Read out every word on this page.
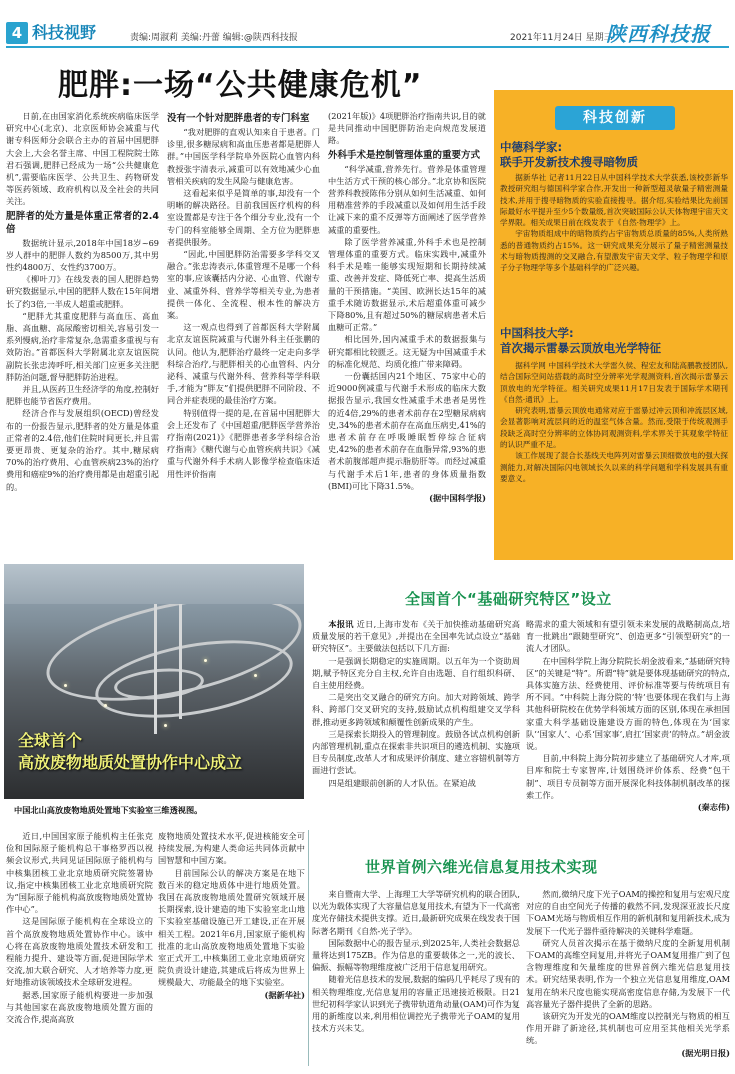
4 科技视野	责编:周淑莉 美编:丹蕾 编辑:@陕西科技报	2021年11月24日 星期三
陕西科技报
肥胖:一场“公共健康危机”

日前,在由国家消化系统疾病临床医学研究中心(北京)、北京医师协会减重与代谢专科医师分会联合主办的首届中国肥胖大会上,大会名誉主席、中国工程院院士陈君石强调,肥胖已经成为一场“公共健康危机”,需要临床医学、公共卫生、药物研发等医药领域、政府机构以及全社会的共同关注。

肥胖者的处方量是体重正常者的2.4倍

数据统计显示,2018年中国18岁~69岁人群中的肥胖人数约为8500万,其中男性约4800万、女性约3700万。

《柳叶刀》在线发表的国人肥胖趋势研究数据显示,中国的肥胖人数在15年间增长了约3倍,一半成人超重或肥胖。

“肥胖尤其重度肥胖与高血压、高血脂、高血糖、高尿酸密切相关,容易引发一系列慢病,治疗非常复杂,急需重多重视与有效防治。”首都医科大学附属北京友谊医院副院长张忠涛呼吁,相关部门应更多关注肥胖防治问题,督导肥胖防治进程。

并且,从医药卫生经济学的角度,控制好肥胖也能节省医疗费用。

经济合作与发展组织(OECD)曾经发布的一份报告显示,肥胖者的处方量是体重正常者的2.4倍,他们住院时间更长,并且需要更昂贵、更复杂的治疗。其中,糖尿病70%的治疗费用、心血管疾病23%的治疗费用和癌症9%的治疗费用都是由超重引起的。

没有一个针对肥胖患者的专门科室

“我对肥胖的直观认知来自于患者。门诊里,很多糖尿病和高血压患者都是肥胖人群。”中国医学科学院阜外医院心血管内科教授张宇清表示,减重可以有效地减少心血管相关疾病的发生风险与健康危害。

这看起来似乎是简单的事,却没有一个明晰的解决路径。目前我国医疗机构的科室设置都是专注于各个细分专业,没有一个专门的科室能够全周期、全方位为肥胖患者提供服务。

“因此,中国肥胖防治需要多学科交叉融合。”张忠涛表示,体重管理不是哪一个科室的事,应该囊括内分泌、心血管、代谢专业、减重外科、营养学等相关专业,为患者提供一体化、全流程、根本性的解决方案。

这一观点也得到了首都医科大学附属北京友谊医院减重与代谢外科主任张鹏的认同。他认为,肥胖治疗最终一定走向多学科综合治疗,与肥胖相关的心血管科、内分泌科、减重与代谢外科、营养科等学科联手,才能为“胖友”们提供肥胖不同阶段、不同合并症表现的最佳治疗方案。

特别值得一提的是,在首届中国肥胖大会上还发布了《中国超重/肥胖医学营养治疗指南(2021)》《肥胖患者多学科综合治疗指南》《糖代谢与心血管疾病共识》《减重与代谢外科手术病人影像学检查临床适用性评价指南

(2021年版)》4项肥胖治疗指南共识,目的就是共同推动中国肥胖防治走向规范发展道路。

外科手术是控制管理体重的重要方式

“科学减重,营养先行。营养是体重管理中生活方式干预的核心部分。”北京协和医院营养科教授陈伟分别从如何生活减重、如何用精准营养的手段减重以及如何用生活手段让减下来的重不反弹等方面阐述了医学营养减重的重要性。

除了医学营养减重,外科手术也是控制管理体重的重要方式。临床实践中,减重外科手术是唯一能够实现短期和长期持续减重、改善并发症、降低死亡率、提高生活质量的干预措施。“美国、欧洲长达15年的减重手术随访数据显示,术后超重体重可减少下降80%,且有超过50%的糖尿病患者术后血糖可正常。”

相比国外,国内减重手术的数据报集与研究都相比较匮乏。这无疑为中国减重手术的标准化规范、均质化推广带来障碍。

一份囊括国内21个地区、75家中心的近9000例减重与代谢手术形成的临床大数据报告显示,我国女性减重手术患者是男性的近4倍,29%的患者术前存在2型糖尿病病史,34%的患者术前存在高血压病史,41%的患者术前存在呼吸睡眠暂停综合征病史,42%的患者术前存在血脂异常,93%的患者术前腹部超声提示脂肪肝等。而经过减重与代谢手术后1年,患者的身体质量指数(BMI)可比下降31.5%。

(据中国科学报)

科技创新
中德科学家:
联手开发新技术搜寻暗物质

据新华社 记者11月22日从中国科学技术大学获悉,该校彭新华教授研究组与德国科学家合作,开发出一种新型超灵敏量子精密测量技术,并用于搜寻暗物质的实验直接搜寻。据介绍,实验结果比先前国际最好水平提升至少5个数量级,首次突破国际公认天体物理宇宙天文学界限。相关成果日前在线发表于《自然·物理学》上。

宇宙物质组成中的暗物质约占宇宙物质总质量的85%,人类所熟悉的普通物质约占15%。这一研究成果充分展示了量子精密测量技术与暗物质搜测的交叉融合,有望激发宇宙天文学、粒子物理学和原子分子物理学等多个基础科学的广泛兴趣。

中国科技大学:
首次揭示雷暴云顶放电光学特征

据科学网 中国科学技术大学雷久侯、程宏友和陆高鹏教授团队,结合国际空间站搭载的高时空分辨率光学观测资料,首次揭示雷暴云顶放电的光学特征。相关研究成果11月17日发表于国际学术期刊《自然·通讯》上。

研究表明,雷暴云顶放电通常对应于雷暴过冲云顶和冲流层区域,会显著影响对流层间的近的温室气体含量。然而,受限于传统观测手段缺乏高时空分辨率的立体协同观测资料,学术界关于其观象学特征的认识严重不足。

该工作展现了混合长基线天电阵列对雷暴云顶细微放电的强大探测能力,对解决国际闪电领域长久以来的科学问题和学科发展具有重要意义。

全球首个
高放废物地质处置协作中心成立
中国北山高放废物地质处置地下实验室三维透视图。
全国首个“基础研究特区”设立

本报讯 近日,上海市发布《关于加快推动基础研究高质量发展的若干意见》,并提出在全国率先试点设立“基础研究特区”。主要做法包括以下几方面:

一是强调长期稳定的实施周期。以五年为一个资助周期,赋予特区充分自主权,允许自由选题、自行组织科研、自主使用经费。

二是突出交叉融合的研究方向。加大对跨领域、跨学科、跨部门交叉研究的支持,鼓励试点机构组建交叉学科群,推动更多跨领域和颠覆性创新成果的产生。

三是探索长期投入的管理制度。鼓励各试点机构创新内部管理机制,重点在探索非共识项目的遴选机制、实施项目专员制度,改革人才和成果评价制度、建立容错机制等方面进行尝试。

四是组建眼前创新的人才队伍。在紧迫战

略需求的重大领域和有望引领未来发展的战略制高点,培育一批跳出“跟随型研究”、创造更多“引领型研究”的一流人才团队。

在中国科学院上海分院院长胡金波看来,“基础研究特区”的关键是“特”。所谓“特”就是要体现基础研究的特点,具体实施方法、经费使用、评价标准等要与传统项目有所不同。“中科院上海分院的‘特’也要体现在我们与上海其他科研院校在优势学科领域方面的区别,体现在承担国家重大科学基础设施建设方面的特色,体现在为‘国家队’‘国家人’、心系‘国家事’,肩扛‘国家责’的特点。”胡金波说。

目前,中科院上海分院初步建立了基础研究人才库,项目库和院士专家智库,计划围绕评价体系、经费“包干制”、项目专员制等方面开展深化科技体制机制改革的探索工作。

(秦志伟)

近日,中国国家原子能机构主任张克俭和国际原子能机构总干事格罗西以视频会议形式,共同见证国际原子能机构与中核集团核工业北京地质研究院签署协议,指定中核集团核工业北京地质研究院为“国际原子能机构高放废物地质处置协作中心”。

这是国际原子能机构在全球设立的首个高放废物地质处置协作中心。该中心将在高放废物地质处置技术研发和工程能力提升、建设等方面,促进国际学术交流,加大联合研究、人才培养等力度,更好地推动该领域技术全球研发进程。

据悉,国家原子能机构要进一步加强与其他国家在高放废物地质处置方面的交流合作,提高高放

废物地质处置技术水平,促进核能安全可持续发展,为构建人类命运共同体贡献中国智慧和中国方案。

目前国际公认的解决方案是在地下数百米的稳定地质体中进行地质处置。我国在高放废物地质处置研究领域开展长期探索,设计建造的地下实验室北山地下实验室基础设施已开工建设,正在开展相关工程。2021年6月,国家原子能机构批准的北山高放废物地质处置地下实验室正式开工,中核集团工业北京地质研究院负责设计建造,其建成后将成为世界上规模最大、功能最全的地下实验室。

(据新华社)

世界首例六维光信息复用技术实现

来自暨南大学、上海理工大学等研究机构的联合团队,以光为载体实现了大容量信息复用技术,有望为下一代高密度光存储技术提供支撑。近日,最新研究成果在线发表于国际著名期刊《自然-光子学》。

国际数据中心的报告显示,到2025年,人类社会数据总量将达到175ZB。作为信息的重要载体之一,光的波长、偏振、振幅等物理维度被广泛用于信息复用研究。

随着光信息技术的发展,数据的编码几乎耗尽了现有的相关物理维度,光信息复用的容量正迅速接近极限。日21世纪初科学家认识到光子携带轨道角动量(OAM)可作为复用的新维度以来,利用相位调控光子携带光子OAM的复用技术方兴未艾。

然而,微纳尺度下光子OAM的操控和复用与宏观尺度对应的自由空间光子传播的截然不同,发现深亚波长尺度下OAM光场与物质相互作用的新机制和复用新技术,成为发展下一代光子器件亟待解决的关键科学难题。

研究人员首次揭示在基于微纳尺度的全新复用机制下OAM的高维空间复用,并将光子OAM复用推广到了包含物理维度和矢量维度的世界首例六维光信息复用技术。研究结果表明,作为一个独立光信息复用维度,OAM复用在纳米尺度也能实现高密度信息存储,为发展下一代高容量光子器件提供了全新的思路。

该研究为开发光的OAM维度以控制光与物质的相互作用开辟了新途径,其机制也可应用至其他相关光学系统。

(据光明日报)
